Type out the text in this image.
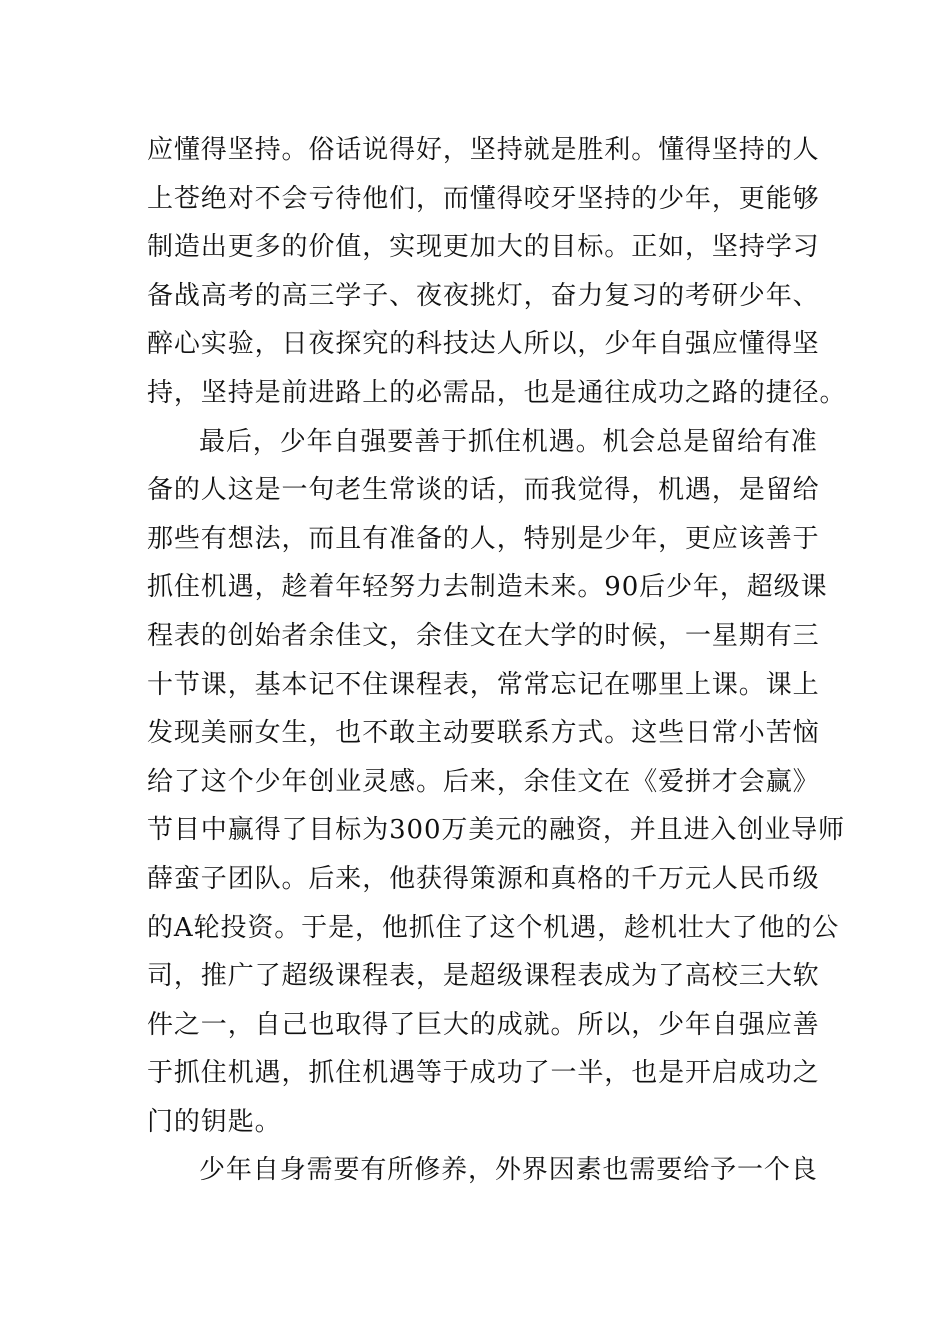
应懂得坚持。俗话说得好，坚持就是胜利。懂得坚持的人
上苍绝对不会亏待他们，而懂得咬牙坚持的少年，更能够
制造出更多的价值，实现更加大的目标。正如，坚持学习
备战高考的高三学子、夜夜挑灯，奋力复习的考研少年、
醉心实验，日夜探究的科技达人所以，少年自强应懂得坚
持，坚持是前进路上的必需品，也是通往成功之路的捷径。
最后，少年自强要善于抓住机遇。机会总是留给有准
备的人这是一句老生常谈的话，而我觉得，机遇，是留给
那些有想法，而且有准备的人，特别是少年，更应该善于
抓住机遇，趁着年轻努力去制造未来。90后少年，超级课
程表的创始者余佳文，余佳文在大学的时候，一星期有三
十节课，基本记不住课程表，常常忘记在哪里上课。课上
发现美丽女生，也不敢主动要联系方式。这些日常小苦恼
给了这个少年创业灵感。后来，余佳文在《爱拼才会赢》
节目中赢得了目标为300万美元的融资，并且进入创业导师
薛蛮子团队。后来，他获得策源和真格的千万元人民币级
的A轮投资。于是，他抓住了这个机遇，趁机壮大了他的公
司，推广了超级课程表，是超级课程表成为了高校三大软
件之一，自己也取得了巨大的成就。所以，少年自强应善
于抓住机遇，抓住机遇等于成功了一半，也是开启成功之
门的钥匙。
少年自身需要有所修养，外界因素也需要给予一个良
